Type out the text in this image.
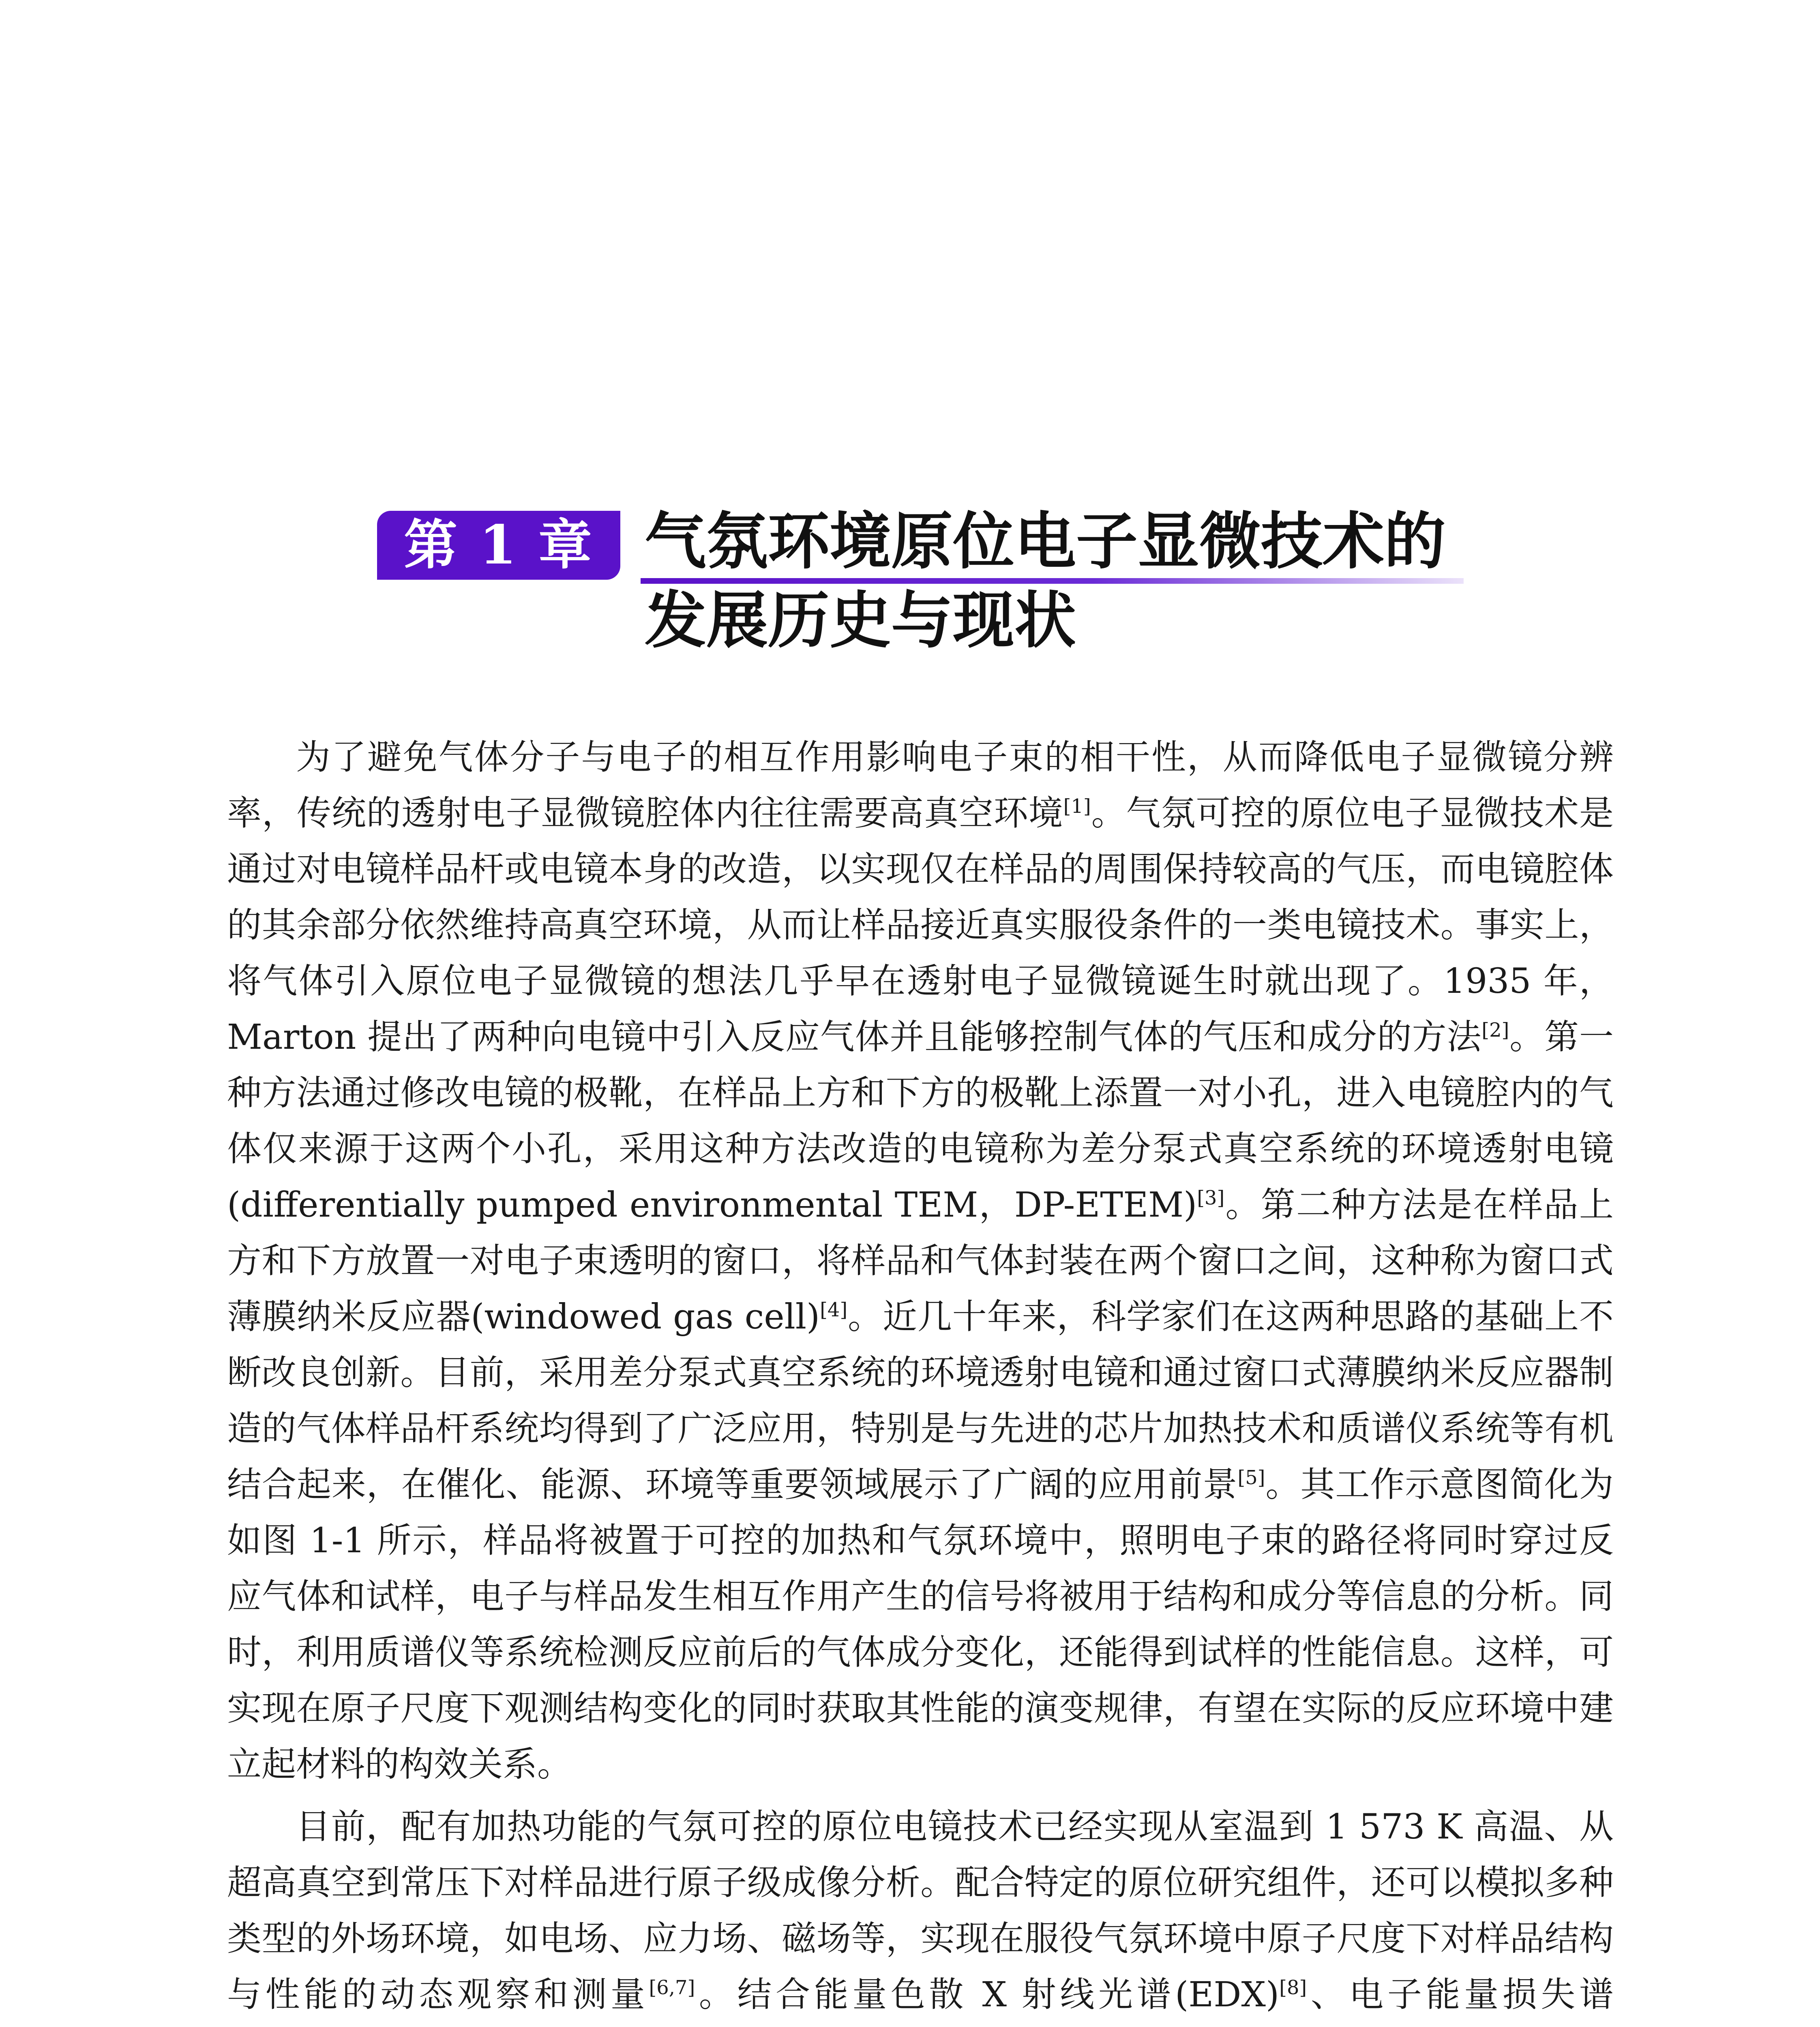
第 1 章 气氛环境原位电子显微技术的
发展历史与现状

为了避免气体分子与电子的相互作用影响电子束的相干性，从而降低电子显微镜分辨率，传统的透射电子显微镜腔体内往往需要高真空环境[1]。气氛可控的原位电子显微技术是通过对电镜样品杆或电镜本身的改造，以实现仅在样品的周围保持较高的气压，而电镜腔体的其余部分依然维持高真空环境，从而让样品接近真实服役条件的一类电镜技术。事实上，将气体引入原位电子显微镜的想法几乎早在透射电子显微镜诞生时就出现了。1935 年，Marton 提出了两种向电镜中引入反应气体并且能够控制气体的气压和成分的方法[2]。第一种方法通过修改电镜的极靴，在样品上方和下方的极靴上添置一对小孔，进入电镜腔内的气体仅来源于这两个小孔，采用这种方法改造的电镜称为差分泵式真空系统的环境透射电镜(differentially pumped environmental TEM，DP-ETEM)[3]。第二种方法是在样品上方和下方放置一对电子束透明的窗口，将样品和气体封装在两个窗口之间，这种称为窗口式薄膜纳米反应器(windowed gas cell)[4]。近几十年来，科学家们在这两种思路的基础上不断改良创新。目前，采用差分泵式真空系统的环境透射电镜和通过窗口式薄膜纳米反应器制造的气体样品杆系统均得到了广泛应用，特别是与先进的芯片加热技术和质谱仪系统等有机结合起来，在催化、能源、环境等重要领域展示了广阔的应用前景[5]。其工作示意图简化为如图 1-1 所示，样品将被置于可控的加热和气氛环境中，照明电子束的路径将同时穿过反应气体和试样，电子与样品发生相互作用产生的信号将被用于结构和成分等信息的分析。同时，利用质谱仪等系统检测反应前后的气体成分变化，还能得到试样的性能信息。这样，可实现在原子尺度下观测结构变化的同时获取其性能的演变规律，有望在实际的反应环境中建立起材料的构效关系。

目前，配有加热功能的气氛可控的原位电镜技术已经实现从室温到 1 573 K 高温、从超高真空到常压下对样品进行原子级成像分析。配合特定的原位研究组件，还可以模拟多种类型的外场环境，如电场、应力场、磁场等，实现在服役气氛环境中原子尺度下对样品结构与性能的动态观察和测量[6,7]。结合能量色散 X 射线光谱(EDX)[8]、电子能量损失谱
